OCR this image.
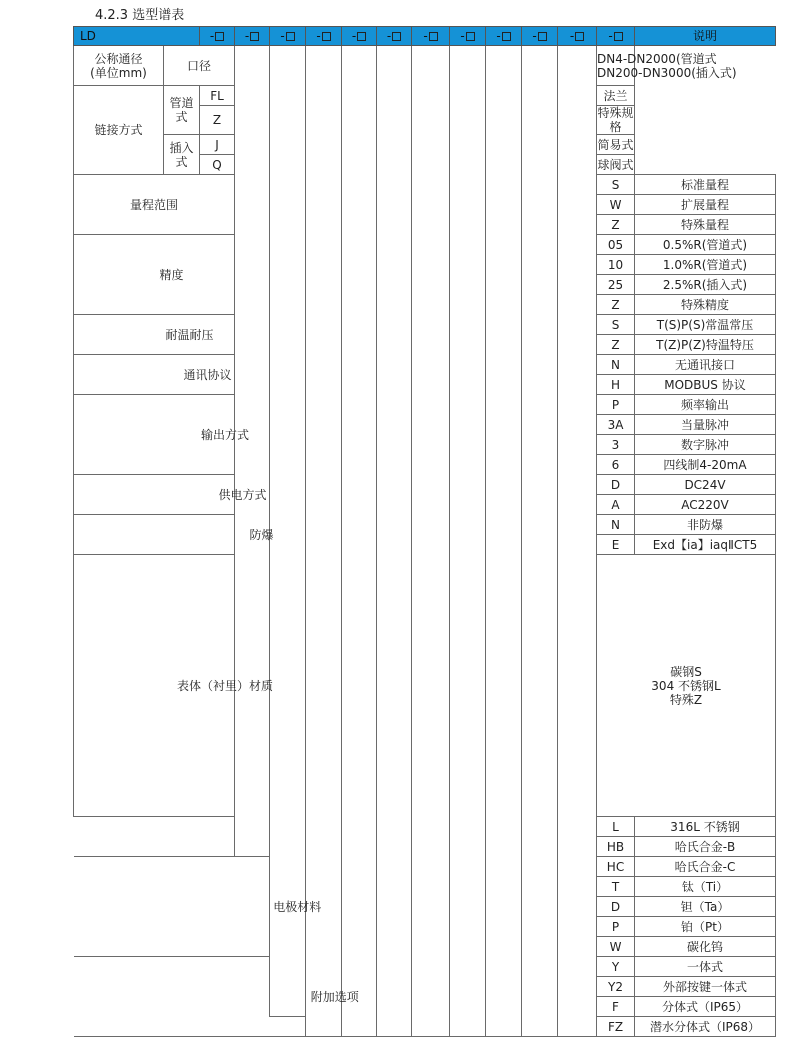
4.2.3 选型谱表
LD		-	-	-	-	-	-	-	-	-	-	-	-	说明	
公称通径
(单位mm)	口径												DN4-DN2000(管道式
DN200-DN3000(插入式)		

链接方式	管道
式	FL											法兰		
		Z											特殊规格		
	插入
式	J											简易式		
		Q											球阀式		
量程范围													S	标准量程	
													W	扩展量程	
													Z	特殊量程	
精度													05	0.5%R(管道式)	
													10	1.0%R(管道式)	
													25	2.5%R(插入式)	
													Z	特殊精度	
耐温耐压													S	T(S)P(S)常温常压	
													Z	T(Z)P(Z)特温特压	
通讯协议													N	无通讯接口	
													H	MODBUS 协议	
输出方式													P	频率输出	
													3A	当量脉冲	
													3	数字脉冲	
													6	四线制4-20mA	
供电方式													D	DC24V	
													A	AC220V	
防爆													N	非防爆	
													E	Exd【ia】iaqⅡCT5	
表体（衬里）材质													碳钢S
304 不锈钢L
特殊Z		

													L	316L 不锈钢	
													HB	哈氏合金-B	
电极材料													HC	哈氏合金-C	
													T	钛（Ti）	
													D	钽（Ta）	
													P	铂（Pt）	
													W	碳化钨	
附加选项													Y	一体式	
													Y2	外部按键一体式	
													F	分体式（IP65）	
													FZ	潜水分体式（IP68）	
